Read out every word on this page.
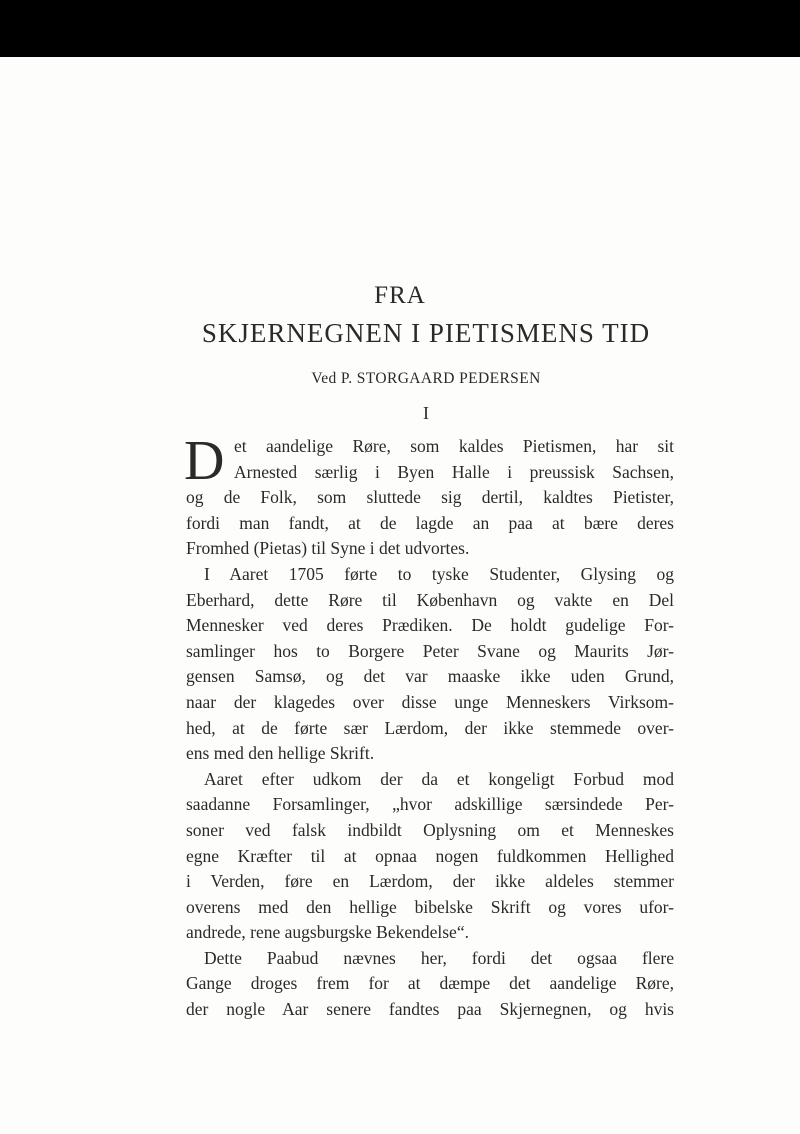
FRA
SKJERNEGNEN I PIETISMENS TID
Ved P. STORGAARD PEDERSEN
I
D et aandelige Røre, som kaldes Pietismen, har sit
Arnested særlig i Byen Halle i preussisk Sachsen,
og de Folk, som sluttede sig dertil, kaldtes Pietister,
fordi man fandt, at de lagde an paa at bære deres
Fromhed (Pietas) til Syne i det udvortes.
I Aaret 1705 førte to tyske Studenter, Glysing og
Eberhard, dette Røre til København og vakte en Del
Mennesker ved deres Prædiken. De holdt gudelige For-
samlinger hos to Borgere Peter Svane og Maurits Jør-
gensen Samsø, og det var maaske ikke uden Grund,
naar der klagedes over disse unge Menneskers Virksom-
hed, at de førte sær Lærdom, der ikke stemmede over-
ens med den hellige Skrift.
Aaret efter udkom der da et kongeligt Forbud mod
saadanne Forsamlinger, „hvor adskillige særsindede Per-
soner ved falsk indbildt Oplysning om et Menneskes
egne Kræfter til at opnaa nogen fuldkommen Hellighed
i Verden, føre en Lærdom, der ikke aldeles stemmer
overens med den hellige bibelske Skrift og vores ufor-
andrede, rene augsburgske Bekendelse“.
Dette Paabud nævnes her, fordi det ogsaa flere
Gange droges frem for at dæmpe det aandelige Røre,
der nogle Aar senere fandtes paa Skjernegnen, og hvis
